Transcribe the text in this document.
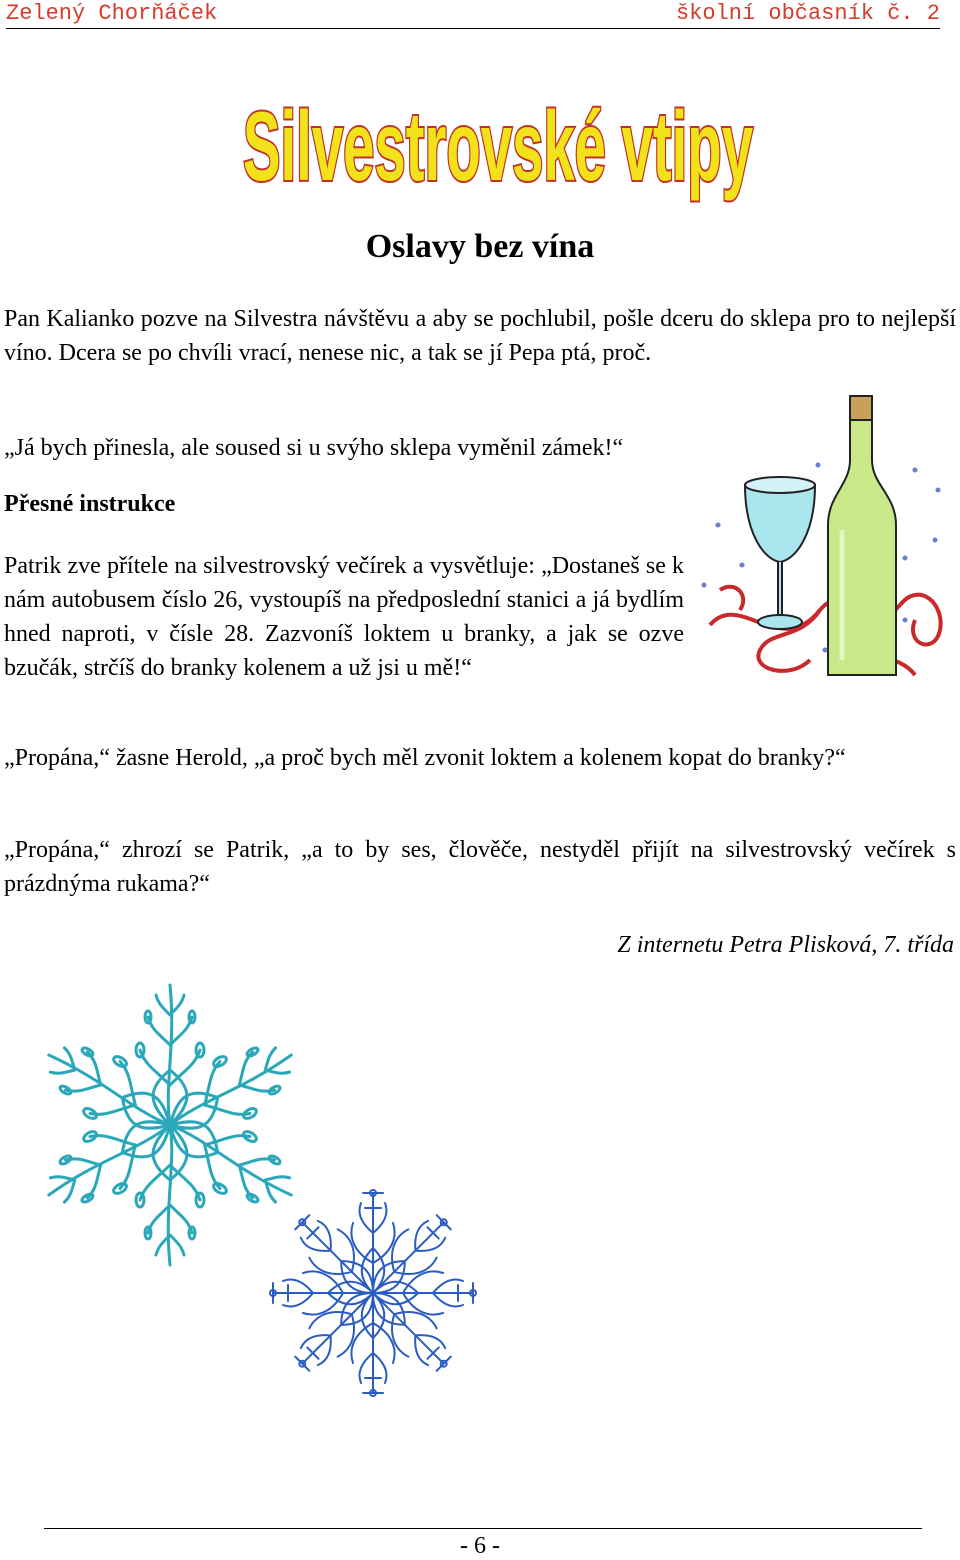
Zelený Chorňáček	školní občasník č. 2
Silvestrovské vtipy
Oslavy bez vína
Pan Kalianko pozve na Silvestra návštěvu a aby se pochlubil, pošle dceru do sklepa pro to nejlepší víno. Dcera se po chvíli vrací, nenese nic, a tak se jí Pepa ptá, proč.
„Já bych přinesla, ale soused si u svýho sklepa vyměnil zámek!“
Přesné instrukce
Patrik zve přítele na silvestrovský večírek a vysvětluje: „Dostaneš se k nám autobusem číslo 26, vystoupíš na předposlední stanici a já bydlím hned naproti, v čísle 28. Zazvoníš loktem u branky, a jak se ozve bzučák, strčíš do branky kolenem a už jsi u mě!“
„Propána,“ žasne Herold, „a proč bych měl zvonit loktem a kolenem kopat do branky?“
„Propána,“ zhrozí se Patrik, „a to by ses, člověče, nestyděl přijít na silvestrovský večírek s prázdnýma rukama?“
Z internetu Petra Plisková, 7. třída
- 6 -
